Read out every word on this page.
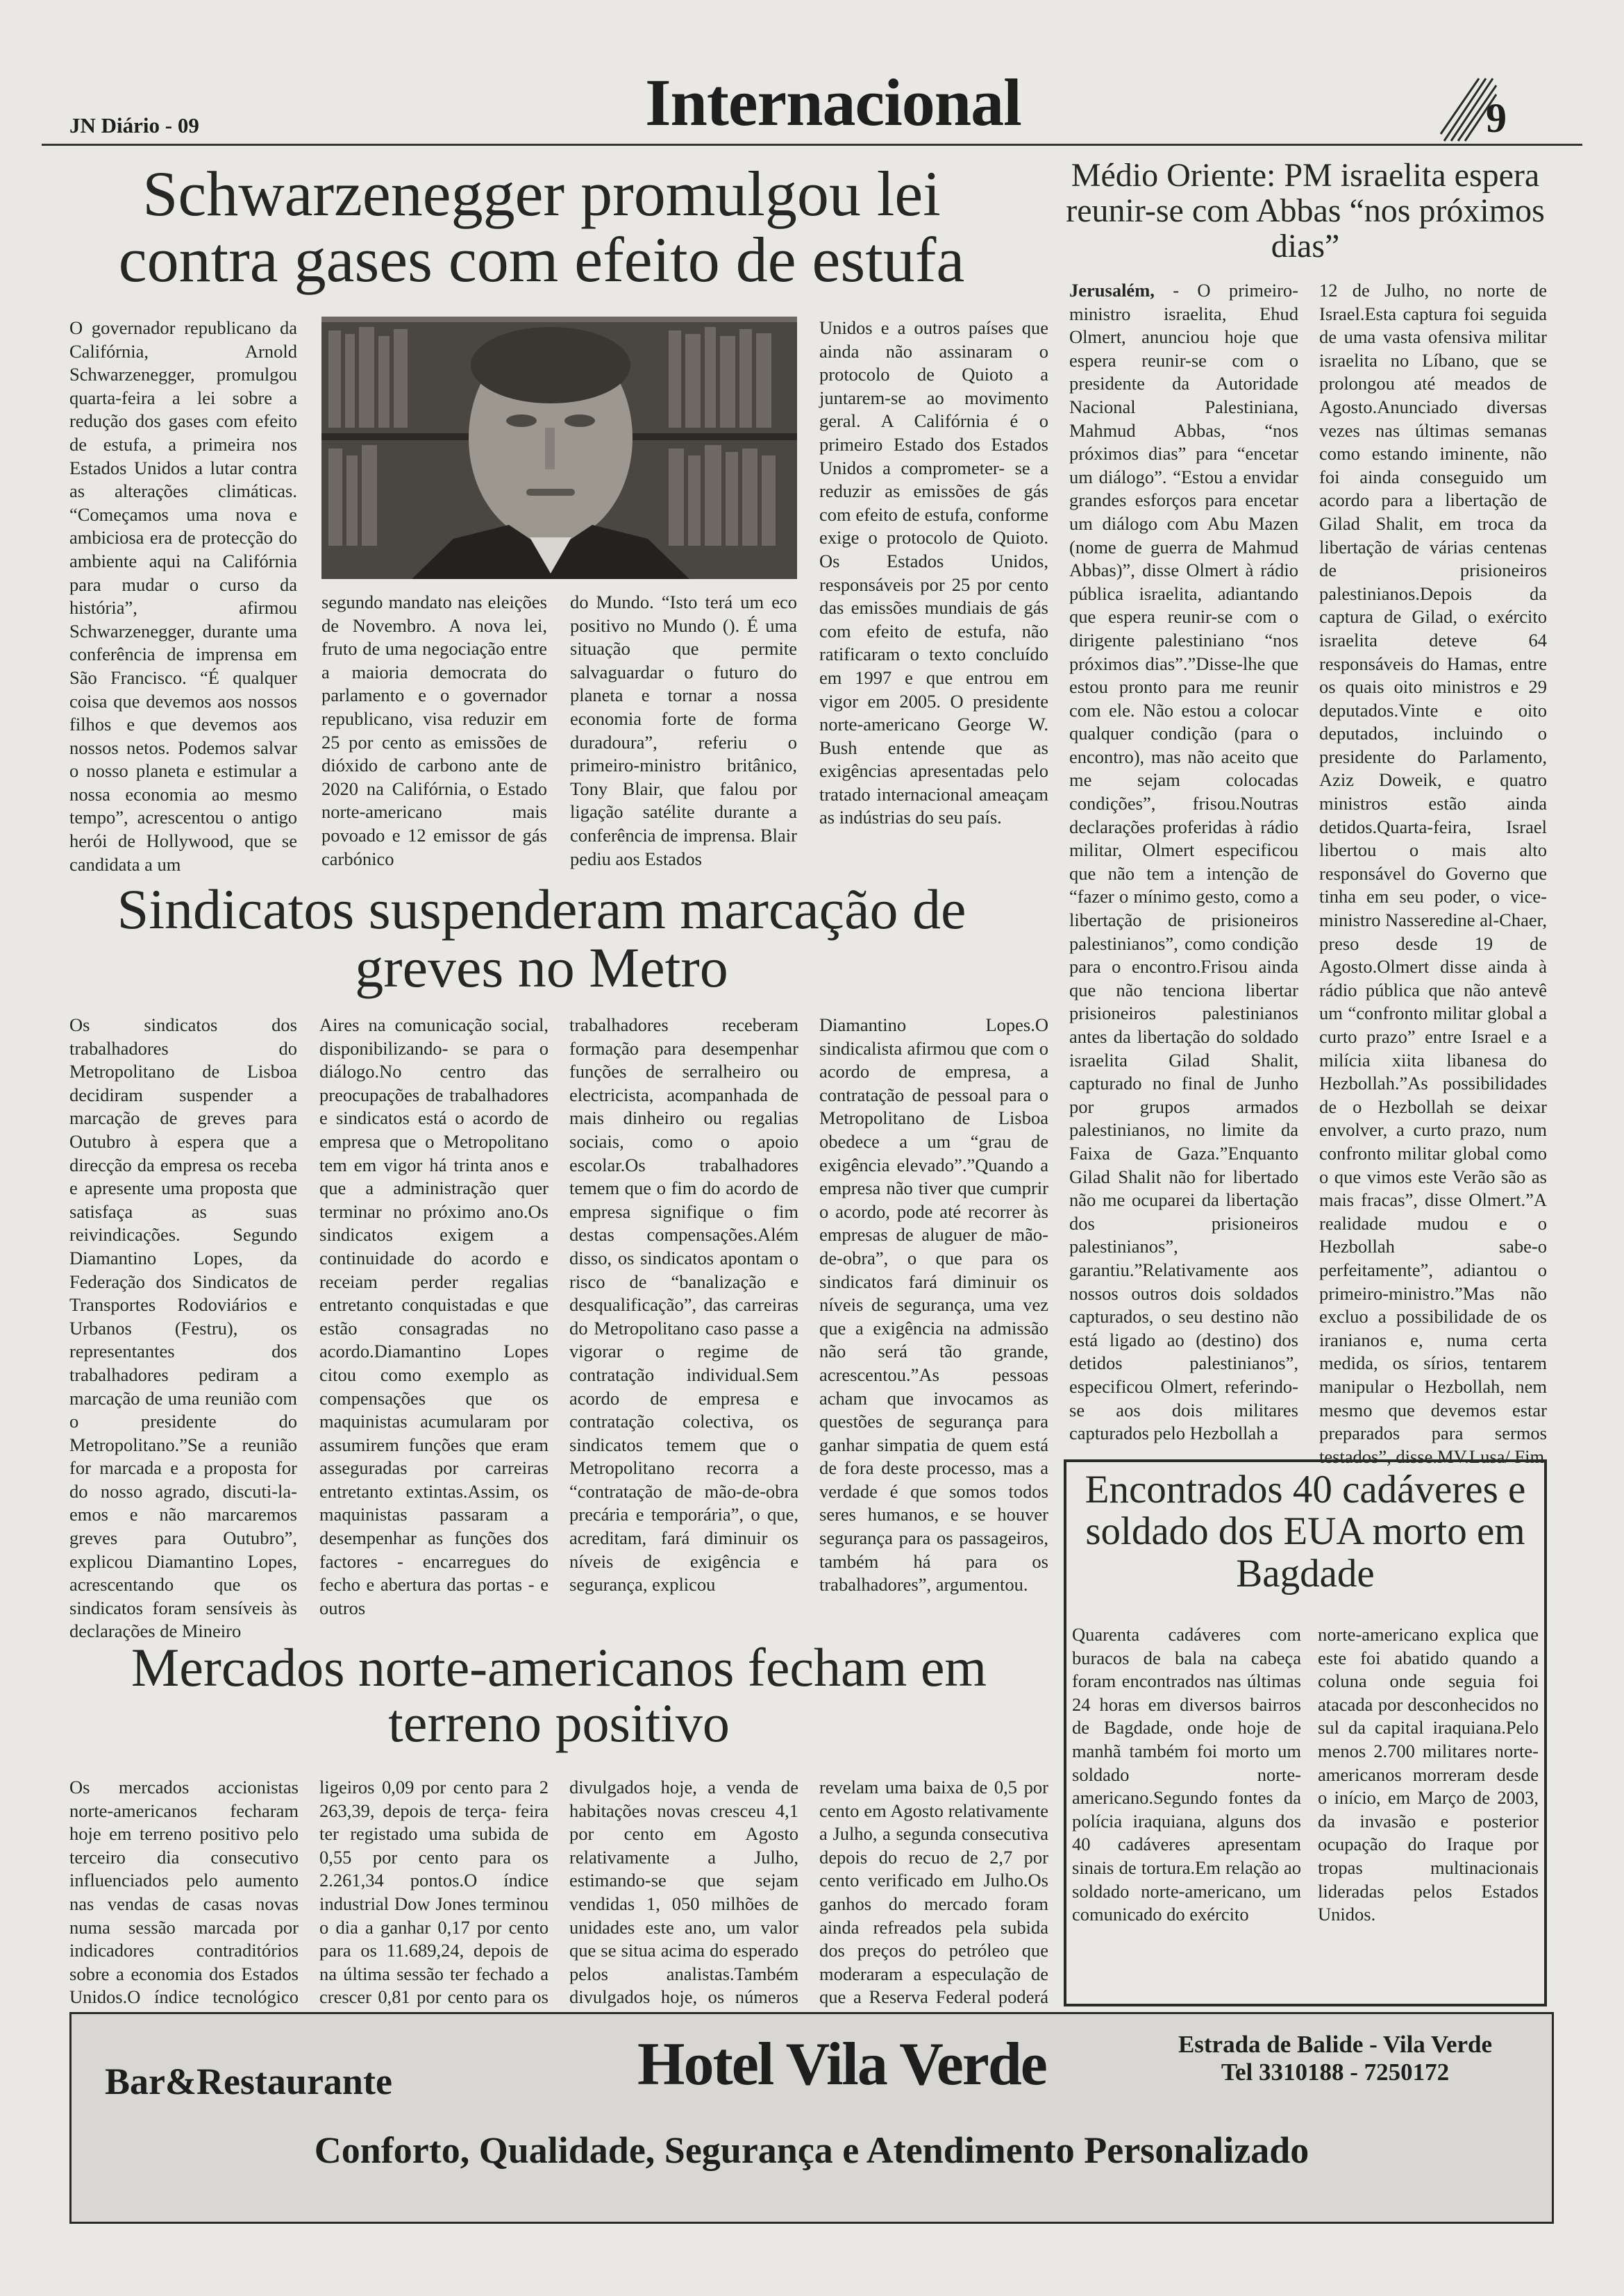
JN Diário - 09	Internacional	9
Schwarzenegger promulgou lei contra gases com efeito de estufa
O governador republicano da Califórnia, Arnold Schwarzenegger, promulgou quarta-feira a lei sobre a redução dos gases com efeito de estufa, a primeira nos Estados Unidos a lutar contra as alterações climáticas. “Começamos uma nova e ambiciosa era de protecção do ambiente aqui na Califórnia para mudar o curso da história”, afirmou Schwarzenegger, durante uma conferência de imprensa em São Francisco. “É qualquer coisa que devemos aos nossos filhos e que devemos aos nossos netos. Podemos salvar o nosso planeta e estimular a nossa economia ao mesmo tempo”, acrescentou o antigo herói de Hollywood, que se candidata a um
segundo mandato nas eleições de Novembro. A nova lei, fruto de uma negociação entre a maioria democrata do parlamento e o governador republicano, visa reduzir em 25 por cento as emissões de dióxido de carbono ante de 2020 na Califórnia, o Estado norte-americano mais povoado e 12 emissor de gás carbónico
do Mundo. “Isto terá um eco positivo no Mundo (). É uma situação que permite salvaguardar o futuro do planeta e tornar a nossa economia forte de forma duradoura”, referiu o primeiro-ministro britânico, Tony Blair, que falou por ligação satélite durante a conferência de imprensa. Blair pediu aos Estados
Unidos e a outros países que ainda não assinaram o protocolo de Quioto a juntarem-se ao movimento geral. A Califórnia é o primeiro Estado dos Estados Unidos a comprometer- se a reduzir as emissões de gás com efeito de estufa, conforme exige o protocolo de Quioto. Os Estados Unidos, responsáveis por 25 por cento das emissões mundiais de gás com efeito de estufa, não ratificaram o texto concluído em 1997 e que entrou em vigor em 2005. O presidente norte-americano George W. Bush entende que as exigências apresentadas pelo tratado internacional ameaçam as indústrias do seu país.
Médio Oriente: PM israelita espera reunir-se com Abbas “nos próximos dias”
Jerusalém, - O primeiro-ministro israelita, Ehud Olmert, anunciou hoje que espera reunir-se com o presidente da Autoridade Nacional Palestiniana, Mahmud Abbas, “nos próximos dias” para “encetar um diálogo”. “Estou a envidar grandes esforços para encetar um diálogo com Abu Mazen (nome de guerra de Mahmud Abbas)”, disse Olmert à rádio pública israelita, adiantando que espera reunir-se com o dirigente palestiniano “nos próximos dias”.”Disse-lhe que estou pronto para me reunir com ele. Não estou a colocar qualquer condição (para o encontro), mas não aceito que me sejam colocadas condições”, frisou.Noutras declarações proferidas à rádio militar, Olmert especificou que não tem a intenção de “fazer o mínimo gesto, como a libertação de prisioneiros palestinianos”, como condição para o encontro.Frisou ainda que não tenciona libertar prisioneiros palestinianos antes da libertação do soldado israelita Gilad Shalit, capturado no final de Junho por grupos armados palestinianos, no limite da Faixa de Gaza.”Enquanto Gilad Shalit não for libertado não me ocuparei da libertação dos prisioneiros palestinianos”, garantiu.”Relativamente aos nossos outros dois soldados capturados, o seu destino não está ligado ao (destino) dos detidos palestinianos”, especificou Olmert, referindo-se aos dois militares capturados pelo Hezbollah a
12 de Julho, no norte de Israel.Esta captura foi seguida de uma vasta ofensiva militar israelita no Líbano, que se prolongou até meados de Agosto.Anunciado diversas vezes nas últimas semanas como estando iminente, não foi ainda conseguido um acordo para a libertação de Gilad Shalit, em troca da libertação de várias centenas de prisioneiros palestinianos.Depois da captura de Gilad, o exército israelita deteve 64 responsáveis do Hamas, entre os quais oito ministros e 29 deputados.Vinte e oito deputados, incluindo o presidente do Parlamento, Aziz Doweik, e quatro ministros estão ainda detidos.Quarta-feira, Israel libertou o mais alto responsável do Governo que tinha em seu poder, o vice-ministro Nasseredine al-Chaer, preso desde 19 de Agosto.Olmert disse ainda à rádio pública que não antevê um “confronto militar global a curto prazo” entre Israel e a milícia xiita libanesa do Hezbollah.”As possibilidades de o Hezbollah se deixar envolver, a curto prazo, num confronto militar global como o que vimos este Verão são as mais fracas”, disse Olmert.”A realidade mudou e o Hezbollah sabe-o perfeitamente”, adiantou o primeiro-ministro.”Mas não excluo a possibilidade de os iranianos e, numa certa medida, os sírios, tentarem manipular o Hezbollah, nem mesmo que devemos estar preparados para sermos testados”, disse.MV.Lusa/ Fim
Sindicatos suspenderam marcação de greves no Metro
Os sindicatos dos trabalhadores do Metropolitano de Lisboa decidiram suspender a marcação de greves para Outubro à espera que a direcção da empresa os receba e apresente uma proposta que satisfaça as suas reivindicações. Segundo Diamantino Lopes, da Federação dos Sindicatos de Transportes Rodoviários e Urbanos (Festru), os representantes dos trabalhadores pediram a marcação de uma reunião com o presidente do Metropolitano.”Se a reunião for marcada e a proposta for do nosso agrado, discuti-la-emos e não marcaremos greves para Outubro”, explicou Diamantino Lopes, acrescentando que os sindicatos foram sensíveis às declarações de Mineiro
Aires na comunicação social, disponibilizando- se para o diálogo.No centro das preocupações de trabalhadores e sindicatos está o acordo de empresa que o Metropolitano tem em vigor há trinta anos e que a administração quer terminar no próximo ano.Os sindicatos exigem a continuidade do acordo e receiam perder regalias entretanto conquistadas e que estão consagradas no acordo.Diamantino Lopes citou como exemplo as compensações que os maquinistas acumularam por assumirem funções que eram asseguradas por carreiras entretanto extintas.Assim, os maquinistas passaram a desempenhar as funções dos factores - encarregues do fecho e abertura das portas - e outros
trabalhadores receberam formação para desempenhar funções de serralheiro ou electricista, acompanhada de mais dinheiro ou regalias sociais, como o apoio escolar.Os trabalhadores temem que o fim do acordo de empresa signifique o fim destas compensações.Além disso, os sindicatos apontam o risco de “banalização e desqualificação”, das carreiras do Metropolitano caso passe a vigorar o regime de contratação individual.Sem acordo de empresa e contratação colectiva, os sindicatos temem que o Metropolitano recorra a “contratação de mão-de-obra precária e temporária”, o que, acreditam, fará diminuir os níveis de exigência e segurança, explicou
Diamantino Lopes.O sindicalista afirmou que com o acordo de empresa, a contratação de pessoal para o Metropolitano de Lisboa obedece a um “grau de exigência elevado”.”Quando a empresa não tiver que cumprir o acordo, pode até recorrer às empresas de aluguer de mão-de-obra”, o que para os sindicatos fará diminuir os níveis de segurança, uma vez que a exigência na admissão não será tão grande, acrescentou.”As pessoas acham que invocamos as questões de segurança para ganhar simpatia de quem está de fora deste processo, mas a verdade é que somos todos seres humanos, e se houver segurança para os passageiros, também há para os trabalhadores”, argumentou.
Mercados norte-americanos fecham em terreno positivo
Os mercados accionistas norte-americanos fecharam hoje em terreno positivo pelo terceiro dia consecutivo influenciados pelo aumento nas vendas de casas novas numa sessão marcada por indicadores contraditórios sobre a economia dos Estados Unidos.O índice tecnológico
ligeiros 0,09 por cento para 2 263,39, depois de terça- feira ter registado uma subida de 0,55 por cento para os 2.261,34 pontos.O índice industrial Dow Jones terminou o dia a ganhar 0,17 por cento para os 11.689,24, depois de na última sessão ter fechado a crescer 0,81 por cento para os
divulgados hoje, a venda de habitações novas cresceu 4,1 por cento em Agosto relativamente a Julho, estimando-se que sejam vendidas 1, 050 milhões de unidades este ano, um valor que se situa acima do esperado pelos analistas.Também divulgados hoje, os números
revelam uma baixa de 0,5 por cento em Agosto relativamente a Julho, a segunda consecutiva depois do recuo de 2,7 por cento verificado em Julho.Os ganhos do mercado foram ainda refreados pela subida dos preços do petróleo que moderaram a especulação de que a Reserva Federal poderá
Encontrados 40 cadáveres e soldado dos EUA morto em Bagdade
Quarenta cadáveres com buracos de bala na cabeça foram encontrados nas últimas 24 horas em diversos bairros de Bagdade, onde hoje de manhã também foi morto um soldado norte-americano.Segundo fontes da polícia iraquiana, alguns dos 40 cadáveres apresentam sinais de tortura.Em relação ao soldado norte-americano, um comunicado do exército
norte-americano explica que este foi abatido quando a coluna onde seguia foi atacada por desconhecidos no sul da capital iraquiana.Pelo menos 2.700 militares norte-americanos morreram desde o início, em Março de 2003, da invasão e posterior ocupação do Iraque por tropas multinacionais lideradas pelos Estados Unidos.
Bar&Restaurante	Hotel Vila Verde	Estrada de Balide - Vila Verde
Tel 3310188 - 7250172
Conforto, Qualidade, Segurança e Atendimento Personalizado
